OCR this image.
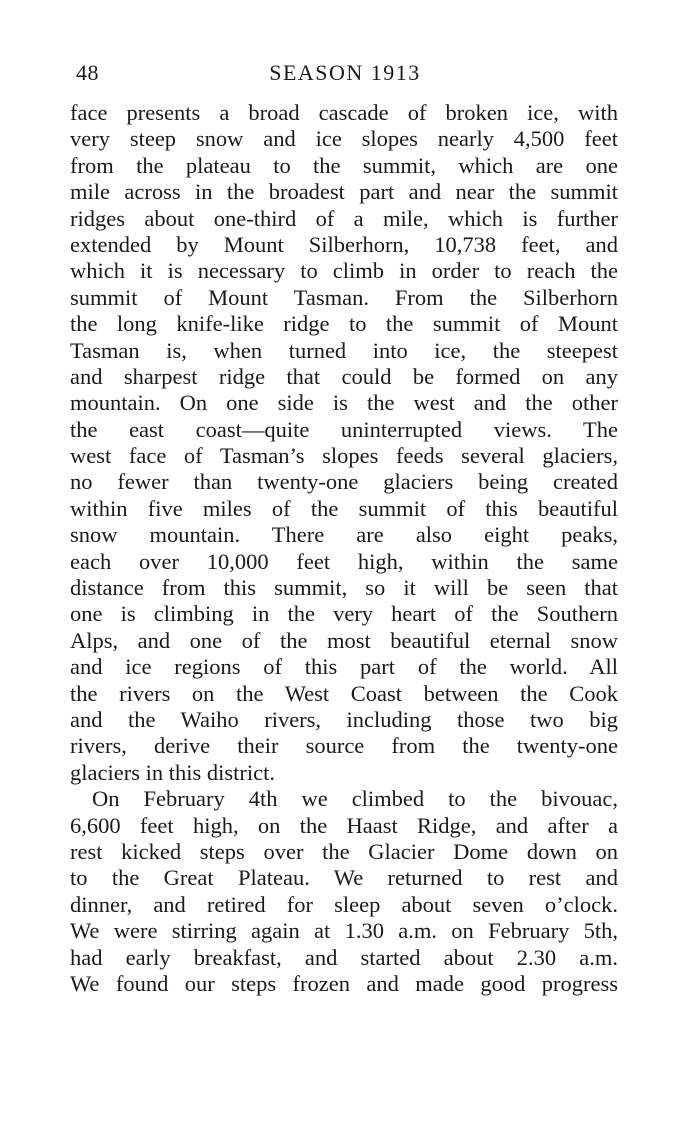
48	SEASON 1913
face presents a broad cascade of broken ice, with
very steep snow and ice slopes nearly 4,500 feet
from the plateau to the summit, which are one
mile across in the broadest part and near the summit
ridges about one-third of a mile, which is further
extended by Mount Silberhorn, 10,738 feet, and
which it is necessary to climb in order to reach the
summit of Mount Tasman. From the Silberhorn
the long knife-like ridge to the summit of Mount
Tasman is, when turned into ice, the steepest
and sharpest ridge that could be formed on any
mountain. On one side is the west and the other
the east coast—quite uninterrupted views. The
west face of Tasman’s slopes feeds several glaciers,
no fewer than twenty-one glaciers being created
within five miles of the summit of this beautiful
snow mountain. There are also eight peaks,
each over 10,000 feet high, within the same
distance from this summit, so it will be seen that
one is climbing in the very heart of the Southern
Alps, and one of the most beautiful eternal snow
and ice regions of this part of the world. All
the rivers on the West Coast between the Cook
and the Waiho rivers, including those two big
rivers, derive their source from the twenty-one
glaciers in this district.
On February 4th we climbed to the bivouac,
6,600 feet high, on the Haast Ridge, and after a
rest kicked steps over the Glacier Dome down on
to the Great Plateau. We returned to rest and
dinner, and retired for sleep about seven o’clock.
We were stirring again at 1.30 a.m. on February 5th,
had early breakfast, and started about 2.30 a.m.
We found our steps frozen and made good progress
